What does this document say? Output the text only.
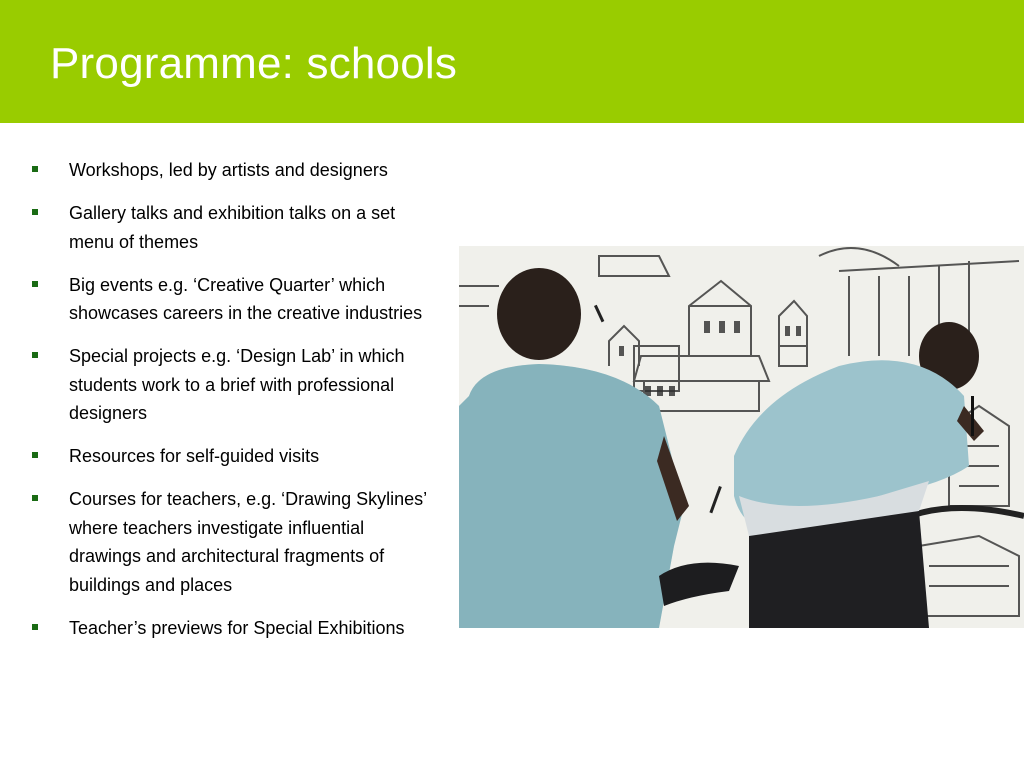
Programme: schools
Workshops, led by artists and designers
Gallery talks and exhibition talks on a set menu of themes
Big events e.g. ‘Creative Quarter’ which showcases careers in the creative industries
Special projects e.g. ‘Design Lab’ in which students work to a brief with professional designers
Resources for self-guided visits
Courses for teachers, e.g. ‘Drawing Skylines’ where teachers investigate influential drawings and architectural fragments of buildings and places
Teacher’s previews for Special Exhibitions
